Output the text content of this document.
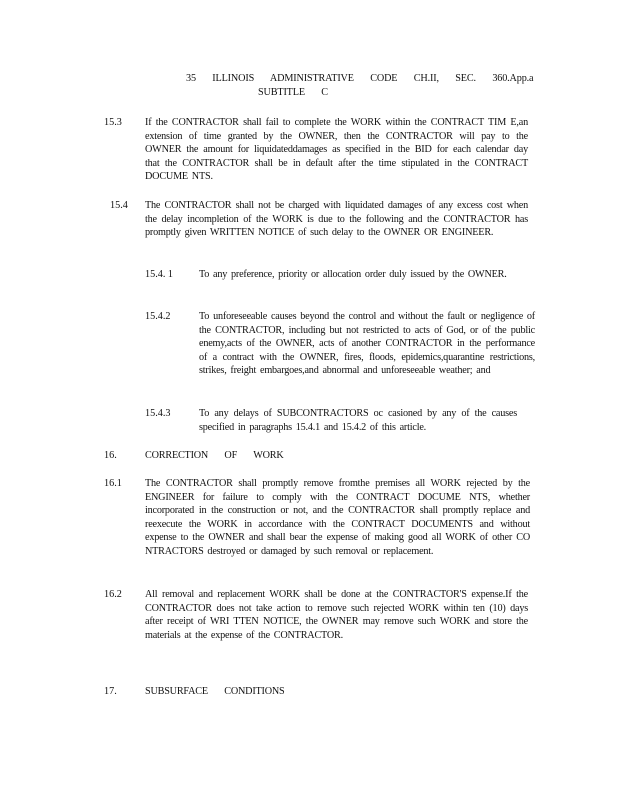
35 ILLINOIS ADMINISTRATIVE CODE CH.II, SEC. 360.App.a
SUBTITLE C
15.3 If the CONTRACTOR shall fail to complete the WORK within the CONTRACT TIM E,an extension of time granted by the OWNER, then the CONTRACTOR will pay to the OWNER the amount for liquidateddamages as specified in the BID for each calendar day that the CONTRACTOR shall be in default after the time stipulated in the CONTRACT DOCUME NTS.
15.4 The CONTRACTOR shall not be charged with liquidated damages of any excess cost when the delay incompletion of the WORK is due to the following and the CONTRACTOR has promptly given WRITTEN NOTICE of such delay to the OWNER OR ENGINEER.
15.4. 1	To any preference, priority or allocation order duly issued by the OWNER.
15.4.2	To unforeseeable causes beyond the control and without the fault or negligence of the CONTRACTOR, including but not restricted to acts of God, or of the public enemy,acts of the OWNER, acts of another CONTRACTOR in the performance of a contract with the OWNER, fires, floods, epidemics,quarantine restrictions, strikes, freight embargoes,and abnormal and unforeseeable weather; and
15.4.3	To any delays of SUBCONTRACTORS oc casioned by any of the causes specified in paragraphs 15.4.1 and 15.4.2 of this article.
16.	CORRECTION OF WORK
16.1 The CONTRACTOR shall promptly remove fromthe premises all WORK rejected by the ENGINEER for failure to comply with the CONTRACT DOCUME NTS, whether incorporated in the construction or not, and the CONTRACTOR shall promptly replace and reexecute the WORK in accordance with the CONTRACT DOCUMENTS and without expense to the OWNER and shall bear the expense of making good all WORK of other CO NTRACTORS destroyed or damaged by such removal or replacement.
16.2 All removal and replacement WORK shall be done at the CONTRACTOR'S expense.If the CONTRACTOR does not take action to remove such rejected WORK within ten (10) days after receipt of WRI TTEN NOTICE, the OWNER may remove such WORK and store the materials at the expense of the CONTRACTOR.
17.	SUBSURFACE CONDITIONS
